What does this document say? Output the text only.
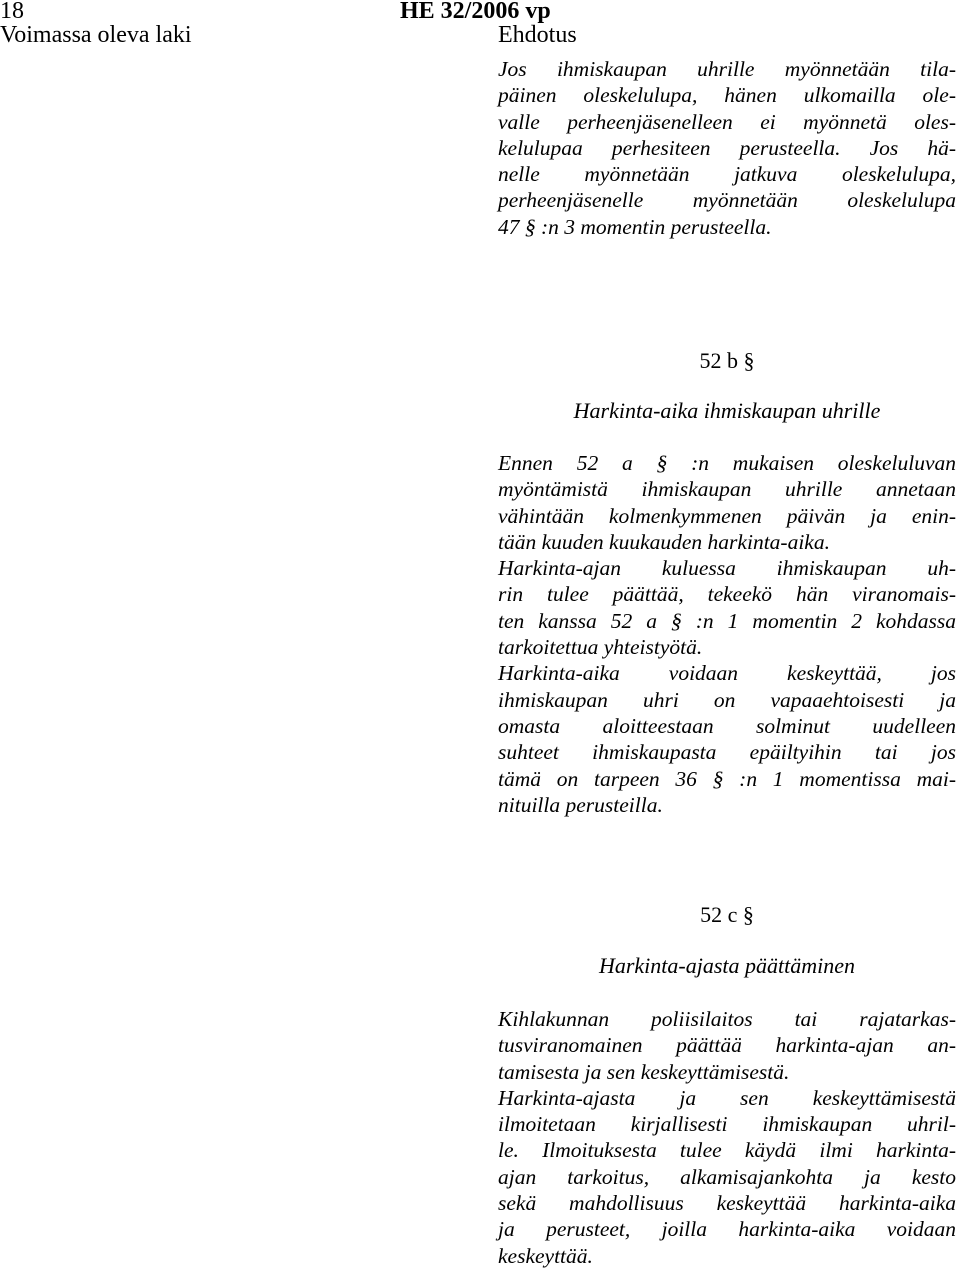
18	HE 32/2006 vp
Voimassa oleva laki	Ehdotus

Jos ihmiskaupan uhrille myönnetään tila-
päinen oleskelulupa, hänen ulkomailla ole-
valle perheenjäsenelleen ei myönnetä oles-
kelulupaa perhesiteen perusteella. Jos hä-
nelle myönnetään jatkuva oleskelulupa,
perheenjäsenelle myönnetään oleskelulupa
47 § :n 3 momentin perusteella.

52 b §
Harkinta-aika ihmiskaupan uhrille

Ennen 52 a § :n mukaisen oleskeluluvan
myöntämistä ihmiskaupan uhrille annetaan
vähintään kolmenkymmenen päivän ja enin-
tään kuuden kuukauden harkinta-aika.

Harkinta-ajan kuluessa ihmiskaupan uh-
rin tulee päättää, tekeekö hän viranomais-
ten kanssa 52 a § :n 1 momentin 2 kohdassa
tarkoitettua yhteistyötä.

Harkinta-aika voidaan keskeyttää, jos
ihmiskaupan uhri on vapaaehtoisesti ja
omasta aloitteestaan solminut uudelleen
suhteet ihmiskaupasta epäiltyihin tai jos
tämä on tarpeen 36 § :n 1 momentissa mai-
nituilla perusteilla.

52 c §
Harkinta-ajasta päättäminen

Kihlakunnan poliisilaitos tai rajatarkas-
tusviranomainen päättää harkinta-ajan an-
tamisesta ja sen keskeyttämisestä.

Harkinta-ajasta ja sen keskeyttämisestä
ilmoitetaan kirjallisesti ihmiskaupan uhril-
le. Ilmoituksesta tulee käydä ilmi harkinta-
ajan tarkoitus, alkamisajankohta ja kesto
sekä mahdollisuus keskeyttää harkinta-aika
ja perusteet, joilla harkinta-aika voidaan
keskeyttää.
